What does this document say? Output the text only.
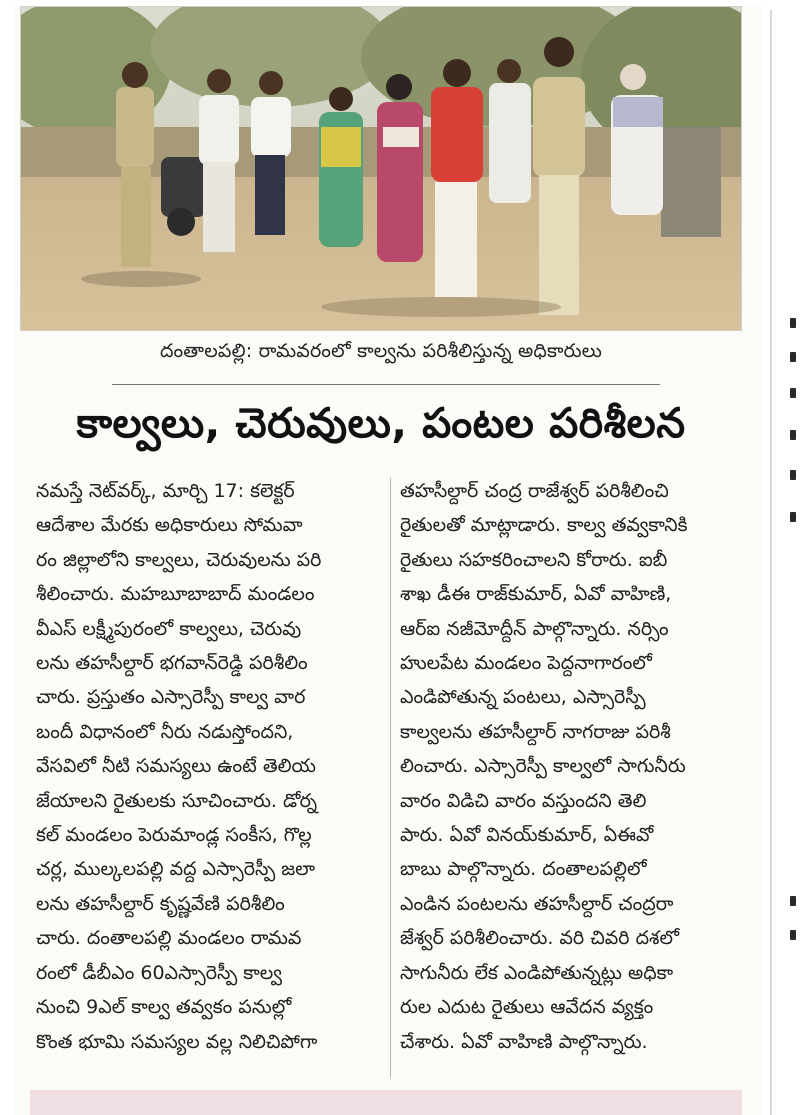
దంతాలపల్లి: రామవరంలో కాల్వను పరిశీలిస్తున్న అధికారులు
కాల్వలు, చెరువులు, పంటల పరిశీలన

నమస్తే నెట్‌వర్క్‌, మార్చి 17: కలెక్టర్‌

ఆదేశాల మేరకు అధికారులు సోమవా

రం జిల్లాలోని కాల్వలు, చెరువులను పరి

శీలించారు. మహబూబాబాద్‌ మండలం

వీఎస్‌ లక్ష్మీపురంలో కాల్వలు, చెరువు

లను తహసీల్దార్‌ భగవాన్‌రెడ్డి పరిశీలిం

చారు. ప్రస్తుతం ఎస్సారెస్పీ కాల్వ వార

బందీ విధానంలో నీరు నడుస్తోందని,

వేసవిలో నీటి సమస్యలు ఉంటే తెలియ

జేయాలని రైతులకు సూచించారు. డోర్న

కల్‌ మండలం పెరుమాండ్ల సంకీస, గొల్ల

చర్ల, ముల్కలపల్లి వద్ద ఎస్సారెస్పీ జలా

లను తహసీల్దార్‌ కృష్ణవేణి పరిశీలిం

చారు. దంతాలపల్లి మండలం రామవ

రంలో డీబీఎం 60ఎస్సారెస్పీ కాల్వ

నుంచి 9ఎల్‌ కాల్వ తవ్వకం పనుల్లో

కొంత భూమి సమస్యల వల్ల నిలిచిపోగా

తహసీల్దార్‌ చంద్ర రాజేశ్వర్‌ పరిశీలించి

రైతులతో మాట్లాడారు. కాల్వ తవ్వకానికి

రైతులు సహకరించాలని కోరారు. ఐబీ

శాఖ డీఈ రాజ్‌కుమార్‌, ఏవో వాహిణి,

ఆర్‌ఐ నజీమోద్దీన్‌ పాల్గొన్నారు. నర్సిం

హులపేట మండలం పెద్దనాగారంలో

ఎండిపోతున్న పంటలు, ఎస్సారెస్పీ

కాల్వలను తహసీల్దార్‌ నాగరాజు పరిశీ

లించారు. ఎస్సారెస్పీ కాల్వలో సాగునీరు

వారం విడిచి వారం వస్తుందని తెలి

పారు. ఏవో వినయ్‌కుమార్‌, ఏఈవో

బాబు పాల్గొన్నారు. దంతాలపల్లిలో

ఎండిన పంటలను తహసీల్దార్‌ చంద్రరా

జేశ్వర్‌ పరిశీలించారు. వరి చివరి దశలో

సాగునీరు లేక ఎండిపోతున్నట్లు అధికా

రుల ఎదుట రైతులు ఆవేదన వ్యక్తం

చేశారు. ఏవో వాహిణి పాల్గొన్నారు.
